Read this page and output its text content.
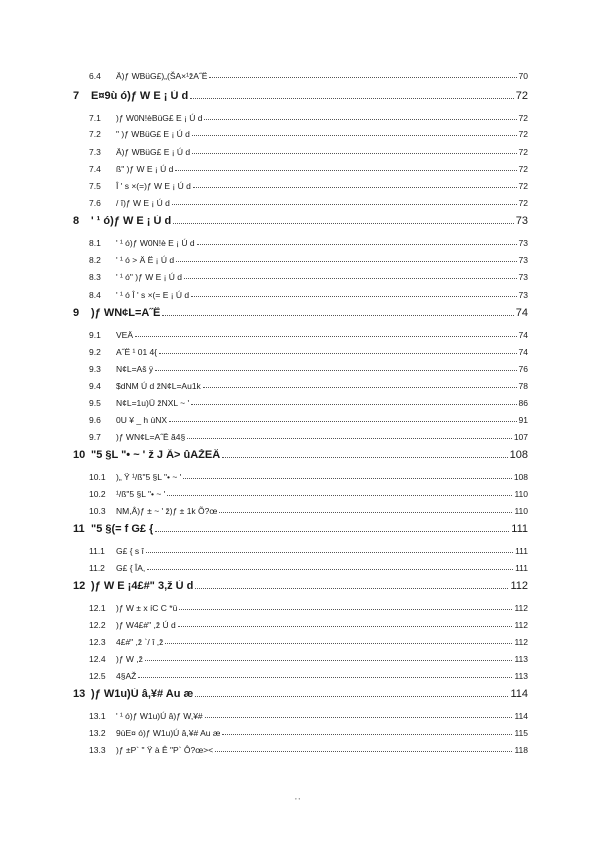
6.4	Ä)ƒ WBüG£)„(ŠA×¹žA˝Ë	70
7	E¤9ù ó)ƒ W E ¡ Ú d	72
7.1	)ƒ W0N!èBüG£ E ¡ Ú d	72
7.2	" )ƒ WBüG£ E ¡ Ú d	72
7.3	Ä)ƒ WBüG£ E ¡ Ú d	72
7.4	ß" )ƒ W E ¡ Ú d	72
7.5	Î ' s ×(=)ƒ W E ¡ Ú d	72
7.6	/ î)ƒ W E ¡ Ú d	72
8	' ¹ ó)ƒ W E ¡ Ú d	73
8.1	' ¹ ó)ƒ W0N!è E ¡ Ú d	73
8.2	' ¹ ó > Ä Ë ¡ Ú d	73
8.3	' ¹ ó" )ƒ W E ¡ Ú d	73
8.4	' ¹ ó Î ' s ×(= E ¡ Ú d	73
9	)ƒ WN¢L=A˝Ë	74
9.1	VEÄ	74
9.2	A˝Ë ¹ 01 4{	74
9.3	N¢L=Aš ÿ	76
9.4	$dNM Ú d žN¢L=Au1k	78
9.5	N¢L=1u)Ü žNXL ~ '	86
9.6	0U ¥ _ h ùNX	91
9.7	)ƒ WN¢L=A˝Ë ã4§	107
10 "5 §L "• ~ ' ž J Ã> ûAŽEÄ	108
10.1	)„ Ÿ ¹/ß"5 §L "• ~ '	108
10.2	¹/ß"5 §L "• ~ '	110
10.3	NM,Â)ƒ ± ~ ' ž)ƒ ± 1k Õ?œ	110
11 "5 §(= f G£ {	111
11.1	G£ { s î	111
11.2	G£ { ÎA,	111
12 )ƒ W E ¡4£#" 3,ž Ú d	112
12.1	)ƒ W ± x íC C *ü	112
12.2	)ƒ W4£#" ,ž Ú d	112
12.3	4£#" ,ž `/ î ,ž	112
12.4	)ƒ W ,ž	113
12.5	4§AŽ	113
13 )ƒ W1u)Ú â,¥# Au æ	114
13.1	' ¹ ó)ƒ W1u)Ú â)ƒ W,¥#	114
13.2	9ùE¤ ó)ƒ W1u)Ú â,¥# Au æ	115
13.3	)ƒ ±P` " Ÿ à Ê "P` Ô?œ><	118
' '
